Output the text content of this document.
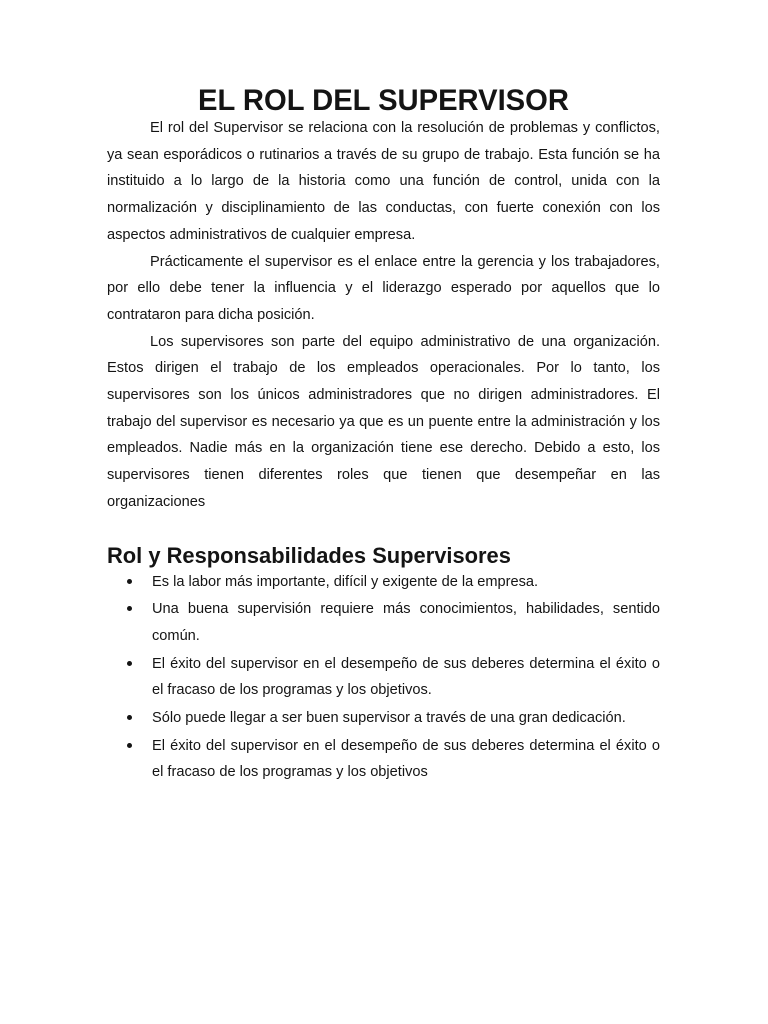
EL ROL DEL SUPERVISOR

El rol del Supervisor se relaciona con la resolución de problemas y conflictos, ya sean esporádicos o rutinarios a través de su grupo de trabajo. Esta función se ha instituido a lo largo de la historia como una función de control, unida con la normalización y disciplinamiento de las conductas, con fuerte conexión con los aspectos administrativos de cualquier empresa.

Prácticamente el supervisor es el enlace entre la gerencia y los trabajadores, por ello debe tener la influencia y el liderazgo esperado por aquellos que lo contrataron para dicha posición.

Los supervisores son parte del equipo administrativo de una organización. Estos dirigen el trabajo de los empleados operacionales. Por lo tanto, los supervisores son los únicos administradores que no dirigen administradores. El trabajo del supervisor es necesario ya que es un puente entre la administración y los empleados. Nadie más en la organización tiene ese derecho. Debido a esto, los supervisores tienen diferentes roles que tienen que desempeñar en las organizaciones

Rol y Responsabilidades Supervisores
Es la labor más importante, difícil y exigente de la empresa.
Una buena supervisión requiere más conocimientos, habilidades, sentido común.
El éxito del supervisor en el desempeño de sus deberes determina el éxito o el fracaso de los programas y los objetivos.
Sólo puede llegar a ser buen supervisor a través de una gran dedicación.
El éxito del supervisor en el desempeño de sus deberes determina el éxito o el fracaso de los programas y los objetivos
